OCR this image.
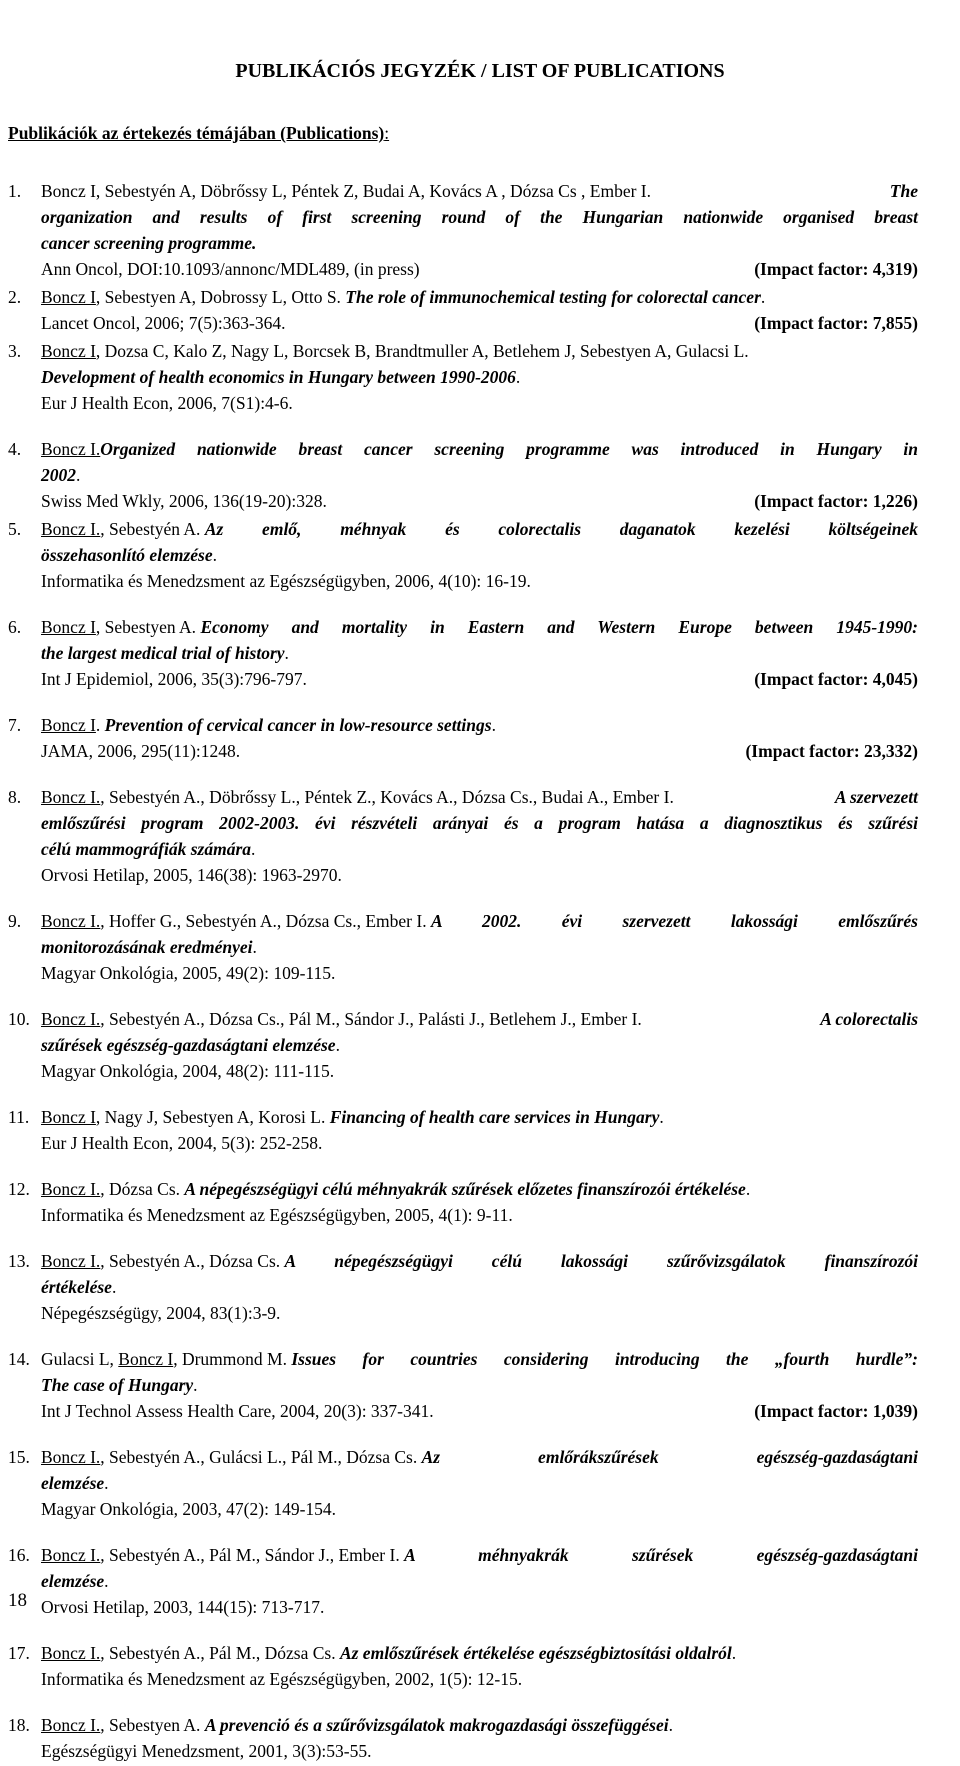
PUBLIKÁCIÓS JEGYZÉK / LIST OF PUBLICATIONS
Publikációk az értekezés témájában (Publications):
1. Boncz I, Sebestyén A, Döbrőssy L, Péntek Z, Budai A, Kovács A , Dózsa Cs , Ember I.	The
organization and results of first screening round of the Hungarian nationwide organised breast
cancer screening programme.
Ann Oncol, DOI:10.1093/annonc/MDL489, (in press)	(Impact factor: 4,319)
2. Boncz I, Sebestyen A, Dobrossy L, Otto S. The role of immunochemical testing for colorectal cancer.
Lancet Oncol, 2006; 7(5):363-364.	(Impact factor: 7,855)
3. Boncz I, Dozsa C, Kalo Z, Nagy L, Borcsek B, Brandtmuller A, Betlehem J, Sebestyen A, Gulacsi L.
Development of health economics in Hungary between 1990-2006.
Eur J Health Econ, 2006, 7(S1):4-6.
4. Boncz I. Organized nationwide breast cancer screening programme was introduced in Hungary in
2002.
Swiss Med Wkly, 2006, 136(19-20):328.	(Impact factor: 1,226)
5. Boncz I., Sebestyén A. Az emlő, méhnyak és colorectalis daganatok kezelési költségeinek
összehasonlító elemzése.
Informatika és Menedzsment az Egészségügyben, 2006, 4(10): 16-19.
6. Boncz I, Sebestyen A. Economy and mortality in Eastern and Western Europe between 1945-1990:
the largest medical trial of history.
Int J Epidemiol, 2006, 35(3):796-797.	(Impact factor: 4,045)
7. Boncz I. Prevention of cervical cancer in low-resource settings.
JAMA, 2006, 295(11):1248.	(Impact factor: 23,332)
8. Boncz I., Sebestyén A., Döbrőssy L., Péntek Z., Kovács A., Dózsa Cs., Budai A., Ember I.	A szervezett
emlőszűrési program 2002-2003. évi részvételi arányai és a program hatása a diagnosztikus és szűrési
célú mammográfiák számára.
Orvosi Hetilap, 2005, 146(38): 1963-2970.
9. Boncz I., Hoffer G., Sebestyén A., Dózsa Cs., Ember I. A 2002. évi szervezett lakossági emlőszűrés
monitorozásának eredményei.
Magyar Onkológia, 2005, 49(2): 109-115.
10. Boncz I., Sebestyén A., Dózsa Cs., Pál M., Sándor J., Palásti J., Betlehem J., Ember I.	A colorectalis
szűrések egészség-gazdaságtani elemzése.
Magyar Onkológia, 2004, 48(2): 111-115.
11. Boncz I, Nagy J, Sebestyen A, Korosi L. Financing of health care services in Hungary.
Eur J Health Econ, 2004, 5(3): 252-258.
12. Boncz I., Dózsa Cs. A népegészségügyi célú méhnyakrák szűrések előzetes finanszírozói értékelése.
Informatika és Menedzsment az Egészségügyben, 2005, 4(1): 9-11.
13. Boncz I., Sebestyén A., Dózsa Cs. A népegészségügyi célú lakossági szűrővizsgálatok finanszírozói
értékelése.
Népegészségügy, 2004, 83(1):3-9.
14. Gulacsi L, Boncz I, Drummond M. Issues for countries considering introducing the „fourth hurdle”:
The case of Hungary.
Int J Technol Assess Health Care, 2004, 20(3): 337-341.	(Impact factor: 1,039)
15. Boncz I., Sebestyén A., Gulácsi L., Pál M., Dózsa Cs. Az emlőrákszűrések egészség-gazdaságtani
elemzése.
Magyar Onkológia, 2003, 47(2): 149-154.
16. Boncz I., Sebestyén A., Pál M., Sándor J., Ember I. A méhnyakrák szűrések egészség-gazdaságtani
elemzése.
Orvosi Hetilap, 2003, 144(15): 713-717.
17. Boncz I., Sebestyén A., Pál M., Dózsa Cs. Az emlőszűrések értékelése egészségbiztosítási oldalról.
Informatika és Menedzsment az Egészségügyben, 2002, 1(5): 12-15.
18. Boncz I., Sebestyen A. A prevenció és a szűrővizsgálatok makrogazdasági összefüggései.
Egészségügyi Menedzsment, 2001, 3(3):53-55.
18
